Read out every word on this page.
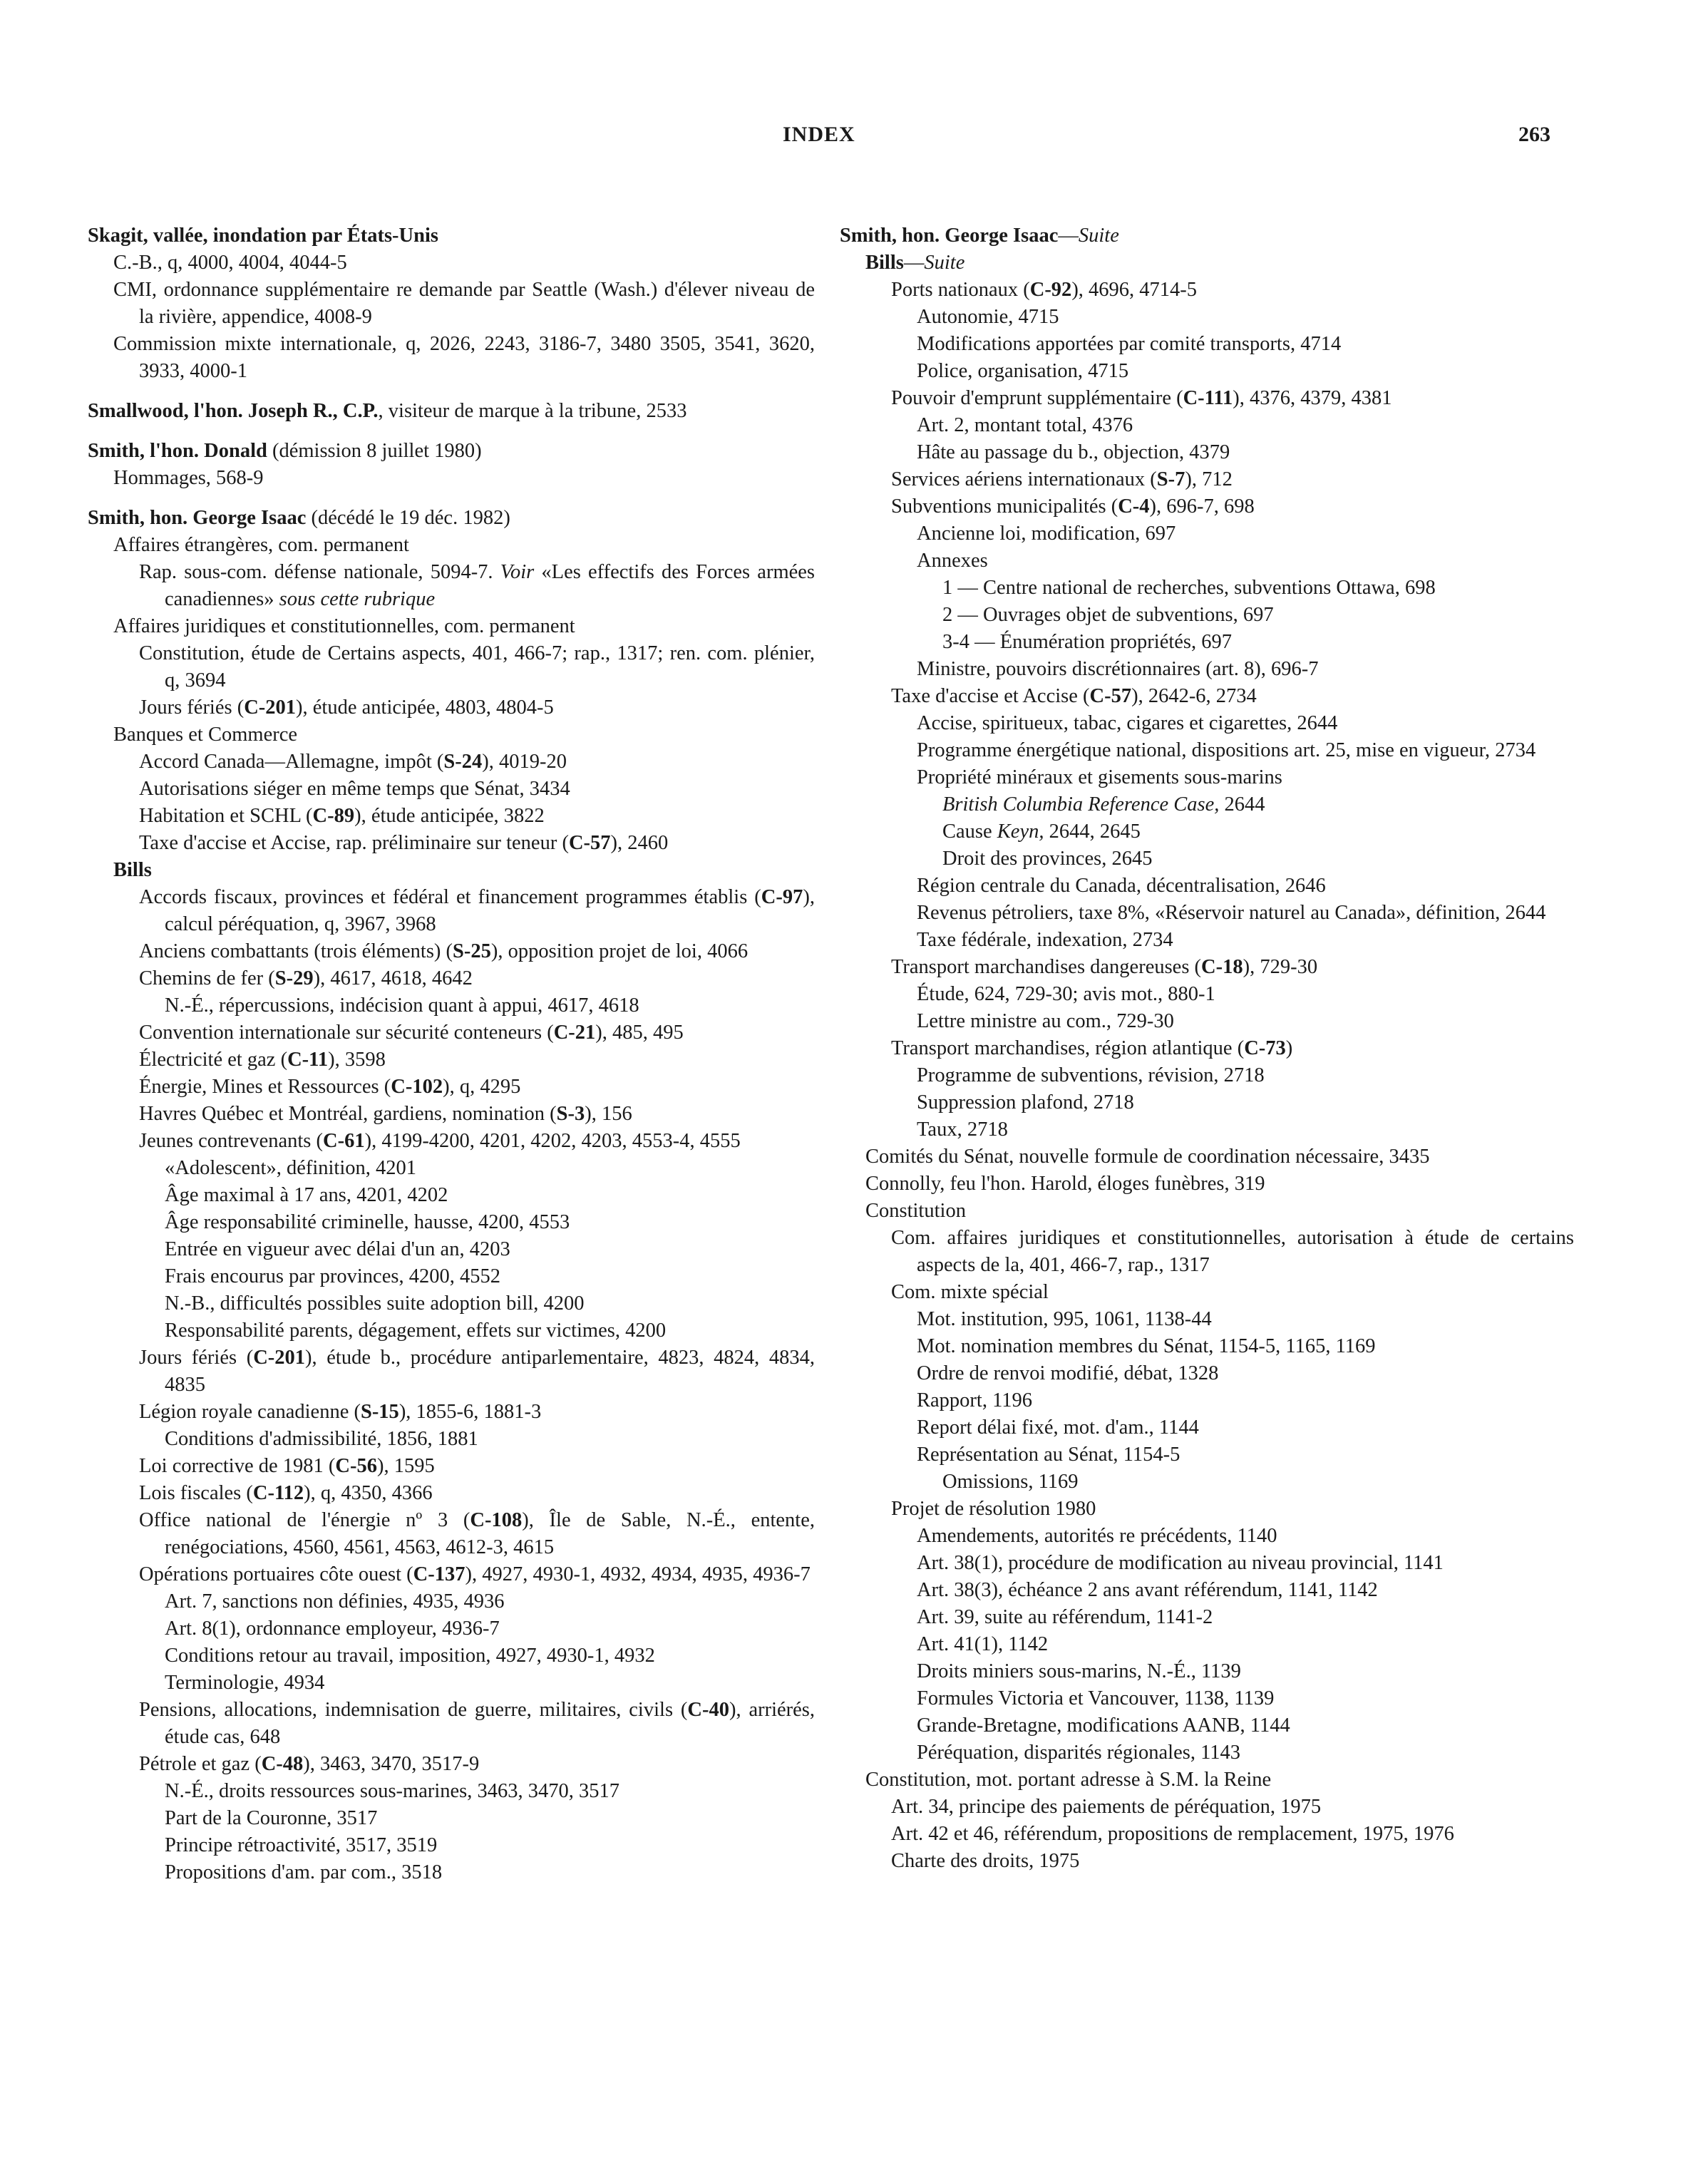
INDEX	263
Skagit, vallée, inondation par États-Unis
C.-B., q, 4000, 4004, 4044-5
CMI, ordonnance supplémentaire re demande par Seattle (Wash.) d'élever niveau de la rivière, appendice, 4008-9
Commission mixte internationale, q, 2026, 2243, 3186-7, 3480 3505, 3541, 3620, 3933, 4000-1
Smallwood, l'hon. Joseph R., C.P., visiteur de marque à la tribune, 2533
Smith, l'hon. Donald (démission 8 juillet 1980)
Hommages, 568-9
Smith, hon. George Isaac (décédé le 19 déc. 1982)
Affaires étrangères, com. permanent
Rap. sous-com. défense nationale, 5094-7. Voir «Les effectifs des Forces armées canadiennes» sous cette rubrique
Affaires juridiques et constitutionnelles, com. permanent
Constitution, étude de Certains aspects, 401, 466-7; rap., 1317; ren. com. plénier, q, 3694
Jours fériés (C-201), étude anticipée, 4803, 4804-5
Banques et Commerce
Accord Canada—Allemagne, impôt (S-24), 4019-20
Autorisations siéger en même temps que Sénat, 3434
Habitation et SCHL (C-89), étude anticipée, 3822
Taxe d'accise et Accise, rap. préliminaire sur teneur (C-57), 2460
Bills
Accords fiscaux, provinces et fédéral et financement programmes établis (C-97), calcul péréquation, q, 3967, 3968
Anciens combattants (trois éléments) (S-25), opposition projet de loi, 4066
Chemins de fer (S-29), 4617, 4618, 4642
N.-É., répercussions, indécision quant à appui, 4617, 4618
Convention internationale sur sécurité conteneurs (C-21), 485, 495
Électricité et gaz (C-11), 3598
Énergie, Mines et Ressources (C-102), q, 4295
Havres Québec et Montréal, gardiens, nomination (S-3), 156
Jeunes contrevenants (C-61), 4199-4200, 4201, 4202, 4203, 4553-4, 4555
«Adolescent», définition, 4201
Âge maximal à 17 ans, 4201, 4202
Âge responsabilité criminelle, hausse, 4200, 4553
Entrée en vigueur avec délai d'un an, 4203
Frais encourus par provinces, 4200, 4552
N.-B., difficultés possibles suite adoption bill, 4200
Responsabilité parents, dégagement, effets sur victimes, 4200
Jours fériés (C-201), étude b., procédure antiparlementaire, 4823, 4824, 4834, 4835
Légion royale canadienne (S-15), 1855-6, 1881-3
Conditions d'admissibilité, 1856, 1881
Loi corrective de 1981 (C-56), 1595
Lois fiscales (C-112), q, 4350, 4366
Office national de l'énergie nº 3 (C-108), Île de Sable, N.-É., entente, renégociations, 4560, 4561, 4563, 4612-3, 4615
Opérations portuaires côte ouest (C-137), 4927, 4930-1, 4932, 4934, 4935, 4936-7
Art. 7, sanctions non définies, 4935, 4936
Art. 8(1), ordonnance employeur, 4936-7
Conditions retour au travail, imposition, 4927, 4930-1, 4932
Terminologie, 4934
Pensions, allocations, indemnisation de guerre, militaires, civils (C-40), arriérés, étude cas, 648
Pétrole et gaz (C-48), 3463, 3470, 3517-9
N.-É., droits ressources sous-marines, 3463, 3470, 3517
Part de la Couronne, 3517
Principe rétroactivité, 3517, 3519
Propositions d'am. par com., 3518
Smith, hon. George Isaac—Suite
Bills—Suite
Ports nationaux (C-92), 4696, 4714-5
Autonomie, 4715
Modifications apportées par comité transports, 4714
Police, organisation, 4715
Pouvoir d'emprunt supplémentaire (C-111), 4376, 4379, 4381
Art. 2, montant total, 4376
Hâte au passage du b., objection, 4379
Services aériens internationaux (S-7), 712
Subventions municipalités (C-4), 696-7, 698
Ancienne loi, modification, 697
Annexes
1 — Centre national de recherches, subventions Ottawa, 698
2 — Ouvrages objet de subventions, 697
3-4 — Énumération propriétés, 697
Ministre, pouvoirs discrétionnaires (art. 8), 696-7
Taxe d'accise et Accise (C-57), 2642-6, 2734
Accise, spiritueux, tabac, cigares et cigarettes, 2644
Programme énergétique national, dispositions art. 25, mise en vigueur, 2734
Propriété minéraux et gisements sous-marins
British Columbia Reference Case, 2644
Cause Keyn, 2644, 2645
Droit des provinces, 2645
Région centrale du Canada, décentralisation, 2646
Revenus pétroliers, taxe 8%, «Réservoir naturel au Canada», définition, 2644
Taxe fédérale, indexation, 2734
Transport marchandises dangereuses (C-18), 729-30
Étude, 624, 729-30; avis mot., 880-1
Lettre ministre au com., 729-30
Transport marchandises, région atlantique (C-73)
Programme de subventions, révision, 2718
Suppression plafond, 2718
Taux, 2718
Comités du Sénat, nouvelle formule de coordination nécessaire, 3435
Connolly, feu l'hon. Harold, éloges funèbres, 319
Constitution
Com. affaires juridiques et constitutionnelles, autorisation à étude de certains aspects de la, 401, 466-7, rap., 1317
Com. mixte spécial
Mot. institution, 995, 1061, 1138-44
Mot. nomination membres du Sénat, 1154-5, 1165, 1169
Ordre de renvoi modifié, débat, 1328
Rapport, 1196
Report délai fixé, mot. d'am., 1144
Représentation au Sénat, 1154-5
Omissions, 1169
Projet de résolution 1980
Amendements, autorités re précédents, 1140
Art. 38(1), procédure de modification au niveau provincial, 1141
Art. 38(3), échéance 2 ans avant référendum, 1141, 1142
Art. 39, suite au référendum, 1141-2
Art. 41(1), 1142
Droits miniers sous-marins, N.-É., 1139
Formules Victoria et Vancouver, 1138, 1139
Grande-Bretagne, modifications AANB, 1144
Péréquation, disparités régionales, 1143
Constitution, mot. portant adresse à S.M. la Reine
Art. 34, principe des paiements de péréquation, 1975
Art. 42 et 46, référendum, propositions de remplacement, 1975, 1976
Charte des droits, 1975
